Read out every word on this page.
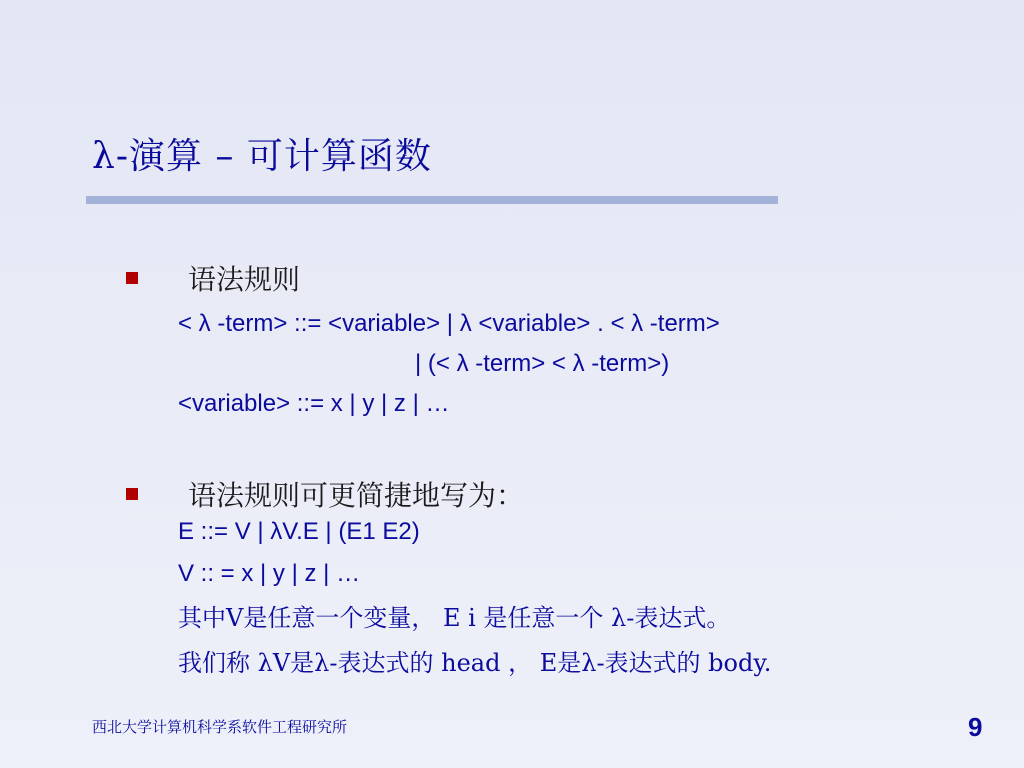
λ-演算 – 可计算函数
语法规则
< λ -term> ::= <variable> | λ <variable> . < λ -term>
| (< λ -term> < λ -term>)
<variable> ::= x | y | z | …
语法规则可更简捷地写为：
E ::= V | λV.E | (E1 E2)
V :: = x | y | z | …
其中V是任意一个变量， E i 是任意一个 λ-表达式。
我们称 λV是λ-表达式的 head ， E是λ-表达式的 body.
西北大学计算机科学系软件工程研究所	9
